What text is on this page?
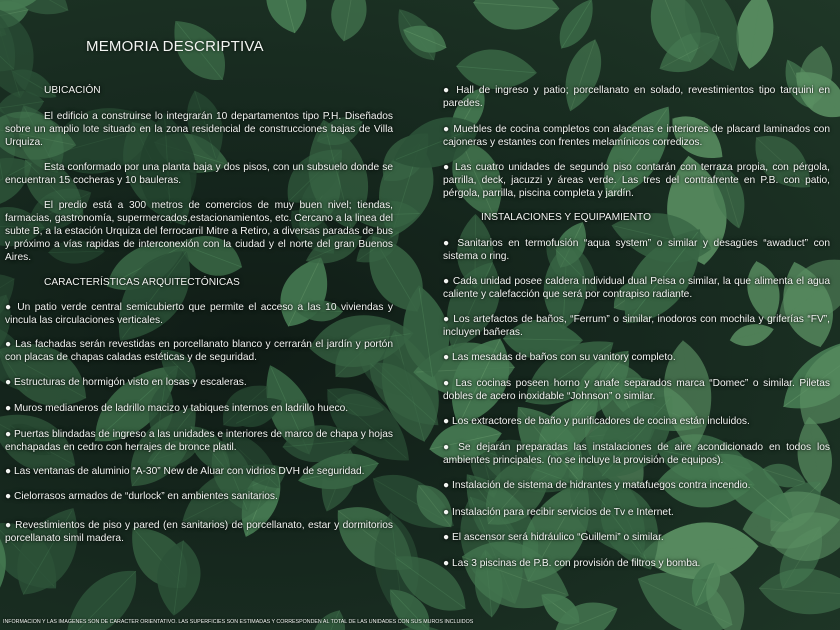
MEMORIA DESCRIPTIVA

UBICACIÓN

El edificio a construirse lo integrarán 10 departamentos tipo P.H. Diseñados sobre un amplio lote situado en la zona residencial de construcciones bajas de Villa Urquiza.

Esta conformado por una planta baja y dos pisos, con un subsuelo donde se encuentran 15 cocheras y 10 bauleras.

El predio está a 300 metros de comercios de muy buen nivel; tiendas, farmacias, gastronomía, supermercados,estacionamientos, etc. Cercano a la linea del subte B, a la estación Urquiza del ferrocarril Mitre a Retiro, a diversas paradas de bus y próximo a vías rapidas de interconexión con la ciudad y el norte del gran Buenos Aires.

CARACTERÍSTICAS ARQUITECTÓNICAS

● Un patio verde central semicubierto que permite el acceso a las 10 viviendas y vincula las circulaciones verticales.

● Las fachadas serán revestidas en porcellanato blanco y cerrarán el jardín y portón con placas de chapas caladas estéticas y de seguridad.

● Estructuras de hormigón visto en losas y escaleras.

● Muros medianeros de ladrillo macizo y tabiques internos en ladrillo hueco.

● Puertas blindadas de ingreso a las unidades e interiores de marco de chapa y hojas enchapadas en cedro con herrajes de bronce platil.

● Las ventanas de aluminio “A-30” New de Aluar con vidrios DVH de seguridad.

● Cielorrasos armados de “durlock” en ambientes sanitarios.

● Revestimientos de piso y pared (en sanitarios) de porcellanato, estar y dormitorios porcellanato simil madera.

● Hall de ingreso y patio; porcellanato en solado, revestimientos tipo tarquini en paredes.

● Muebles de cocina completos con alacenas e interiores de placard laminados con cajoneras y estantes con frentes melamínicos corredizos.

● Las cuatro unidades de segundo piso contarán con terraza propia, con pérgola, parrilla, deck, jacuzzi y áreas verde. Las tres del contrafrente en P.B. con patio, pérgola, parrilla, piscina completa y jardín.

INSTALACIONES Y EQUIPAMIENTO

● Sanitarios en termofusión “aqua system” o similar y desagües “awaduct” con sistema o ring.

● Cada unidad posee caldera individual dual Peisa o similar, la que alimenta el agua caliente y calefacción que será por contrapiso radiante.

● Los artefactos de baños, “Ferrum” o similar, inodoros con mochila y griferías “FV”, incluyen bañeras.

● Las mesadas de baños con su vanitory completo.

● Las cocinas poseen horno y anafe separados marca “Domec” o similar. Piletas dobles de acero inoxidable “Johnson” o similar.

● Los extractores de baño y purificadores de cocina están incluidos.

● Se dejarán preparadas las instalaciones de aire acondicionado en todos los ambientes principales. (no se incluye la provisión de equipos).

● Instalación de sistema de hidrantes y matafuegos contra incendio.

● Instalación para recibir servicios de Tv e Internet.

● El ascensor será hidráulico “Guillemi” o similar.

● Las 3 piscinas de P.B. con provisión de filtros y bomba.

INFORMACION Y LAS IMAGENES SON DE CARACTER ORIENTATIVO. LAS SUPERFICIES SON ESTIMADAS Y CORRESPONDEN AL TOTAL DE LAS UNIDADES CON SUS MUROS INCLUIDOS
